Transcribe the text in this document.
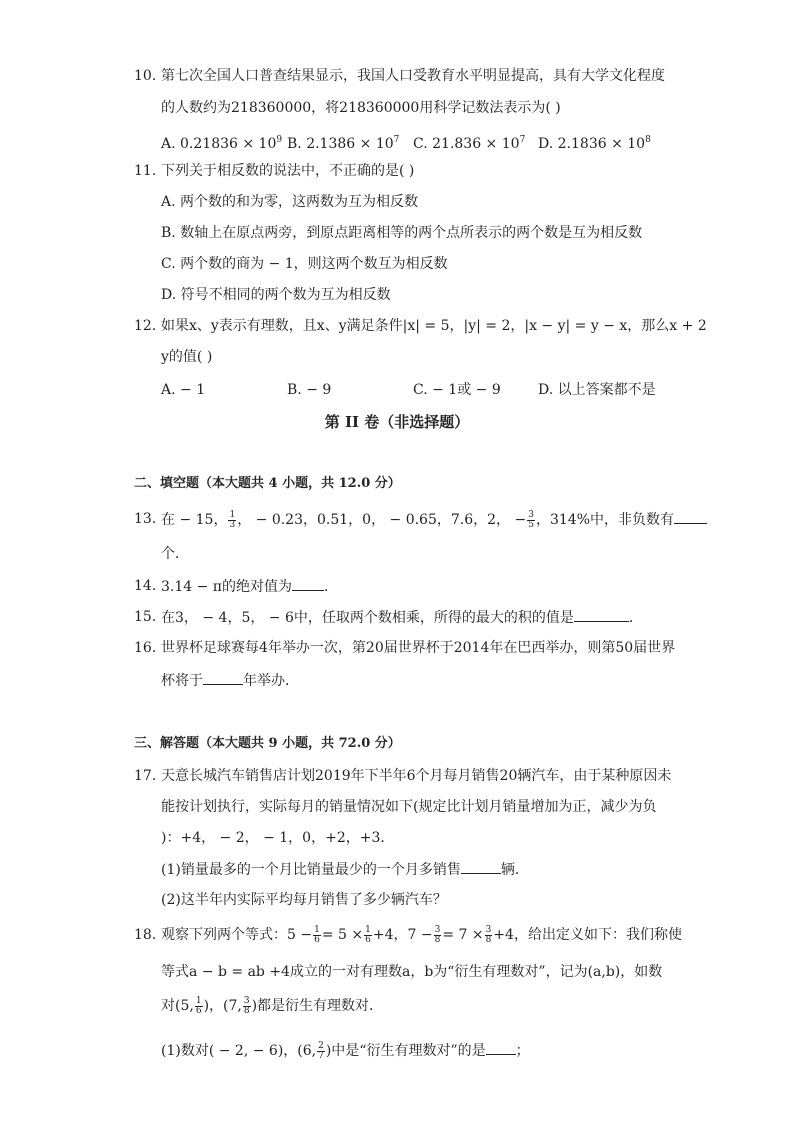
10. 第七次全国人口普查结果显示，我国人口受教育水平明显提高，具有大学文化程度
的人数约为218360000，将218360000用科学记数法表示为( )
A. $0.21836 \times 10^9$ B. $2.1386 \times 10^7$ C. $21.836 \times 10^7$ D. $2.1836 \times 10^8$
11. 下列关于相反数的说法中，不正确的是( )
A. 两个数的和为零，这两数为互为相反数
B. 数轴上在原点两旁，到原点距离相等的两个点所表示的两个数是互为相反数
C. 两个数的商为 − 1，则这两个数互为相反数
D. 符号不相同的两个数为互为相反数
12. 如果x、y表示有理数，且x、y满足条件|x| = 5，|y| = 2，|x − y| = y − x，那么x + 2
y的值( )
A. − 1	B. − 9	C. − 1或 − 9	D. 以上答案都不是
第 II 卷（非选择题）
二、填空题（本大题共 4 小题，共 12.0 分）
13. 在 − 15， $\frac{1}{3}$ ， − 0.23，0.51，0， − 0.65，7.6，2， − $\frac{3}{5}$ ，314%中，非负数有
个．
14. 3.14 − π的绝对值为 ．
15. 在3， − 4，5， − 6中，任取两个数相乘，所得的最大的积的值是	．
16. 世界杯足球赛每4年举办一次，第20届世界杯于2014年在巴西举办，则第50届世界
杯将于	年举办．
三、解答题（本大题共 9 小题，共 72.0 分）
17. 天意长城汽车销售店计划2019年下半年6个月每月销售20辆汽车，由于某种原因未
能按计划执行，实际每月的销量情况如下(规定比计划月销量增加为正，减少为负
)：+4， − 2， − 1，0，+2，+3．
(1)销量最多的一个月比销量最少的一个月多销售	辆．
(2)这半年内实际平均每月销售了多少辆汽车？
18. 观察下列两个等式：$5 - \frac{1}{6} = 5 \times \frac{1}{6} +4$，$7 - \frac{3}{8} = 7 \times \frac{3}{8} +4$，给出定义如下：我们称使
等式a − b = ab +4成立的一对有理数a，b为“衍生有理数对”，记为(a,b)，如数
对(5, $\frac{1}{6}$ )，(7, $\frac{3}{8}$ )都是衍生有理数对．
(1)数对( − 2, − 6)，(6, $\frac{2}{7}$ )中是“衍生有理数对”的是 ；
